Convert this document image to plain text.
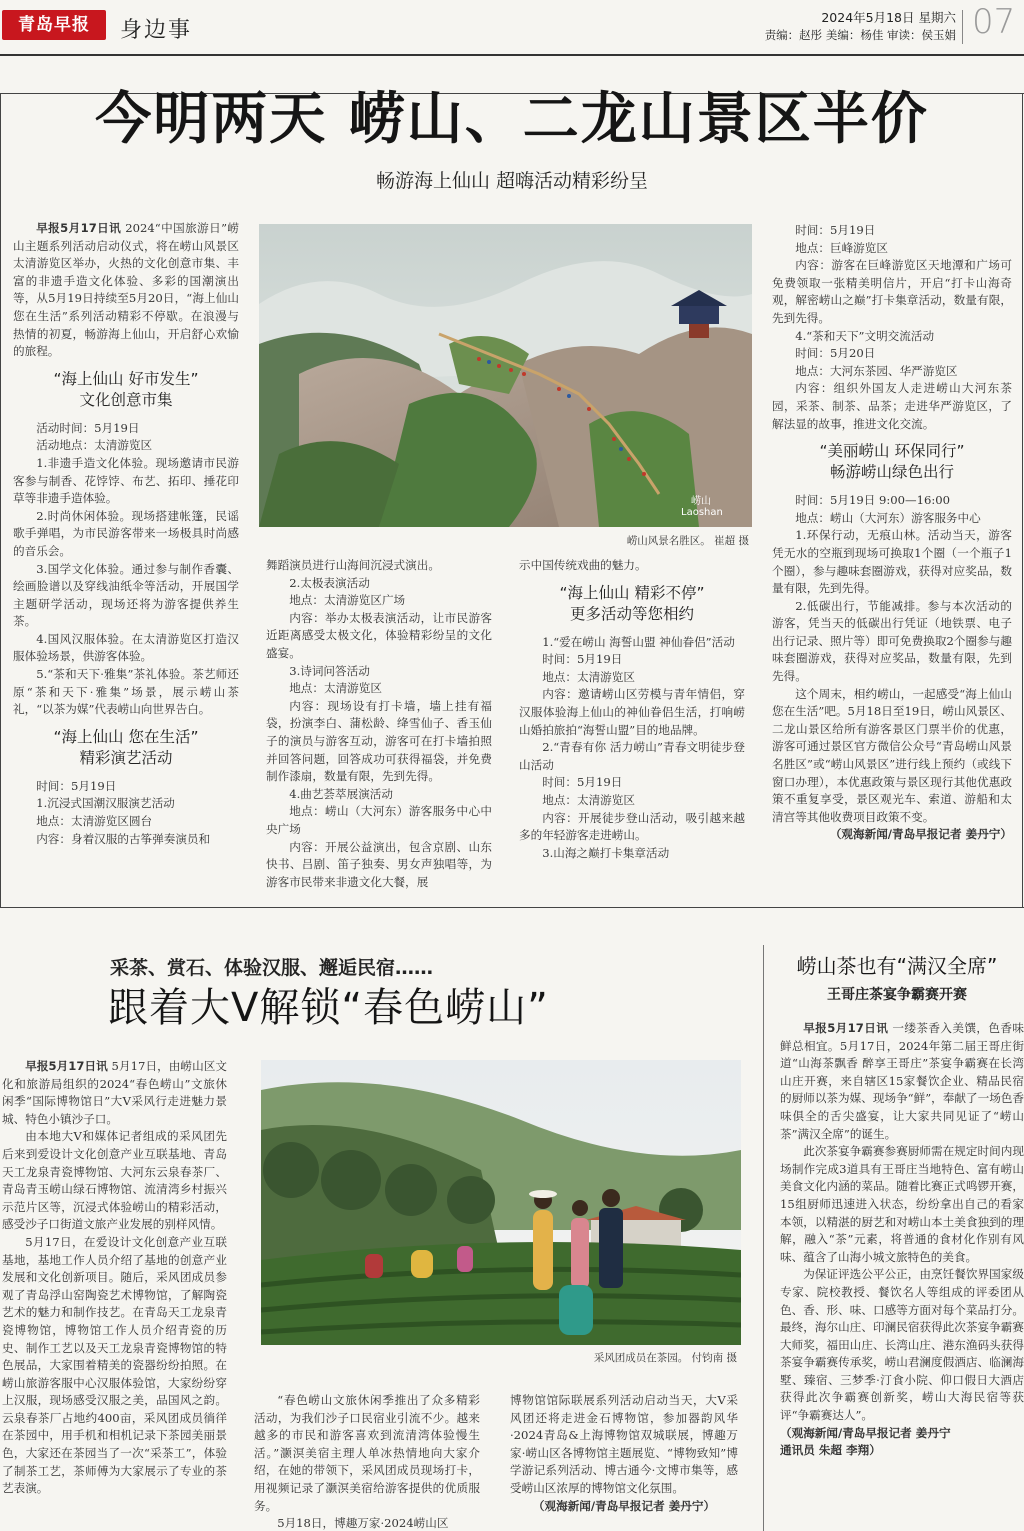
青岛早报	身边事
2024年5月18日 星期六
责编：赵彤 美编：杨佳 审读：侯玉娟 07
今明两天 崂山、二龙山景区半价
畅游海上仙山 超嗨活动精彩纷呈

早报5月17日讯 2024“中国旅游日”崂山主题系列活动启动仪式，将在崂山风景区太清游览区举办，火热的文化创意市集、丰富的非遗手造文化体验、多彩的国潮演出等，从5月19日持续至5月20日，“海上仙山 您在生活”系列活动精彩不停歇。在浪漫与热情的初夏，畅游海上仙山，开启舒心欢愉的旅程。

“海上仙山 好市发生”
文化创意市集

活动时间：5月19日

活动地点：太清游览区

1.非遗手造文化体验。现场邀请市民游客参与制香、花饽饽、布艺、拓印、捶花印草等非遗手造体验。

2.时尚休闲体验。现场搭建帐篷，民谣歌手弹唱，为市民游客带来一场极具时尚感的音乐会。

3.国学文化体验。通过参与制作香囊、绘画脸谱以及穿线油纸伞等活动，开展国学主题研学活动，现场还将为游客提供养生茶。

4.国风汉服体验。在太清游览区打造汉服体验场景，供游客体验。

5.“茶和天下·雅集”茶礼体验。茶艺师还原“茶和天下·雅集”场景，展示崂山茶礼，“以茶为媒”代表崂山向世界告白。

“海上仙山 您在生活”
精彩演艺活动

时间：5月19日

1.沉浸式国潮汉服演艺活动

地点：太清游览区圆台

内容：身着汉服的古筝弹奏演员和

崂山
Laoshan
崂山风景名胜区。 崔超 摄

舞蹈演员进行山海间沉浸式演出。

2.太极表演活动

地点：太清游览区广场

内容：举办太极表演活动，让市民游客近距离感受太极文化，体验精彩纷呈的文化盛宴。

3.诗词问答活动

地点：太清游览区

内容：现场设有打卡墙，墙上挂有福袋，扮演李白、蒲松龄、绛雪仙子、香玉仙子的演员与游客互动，游客可在打卡墙拍照并回答问题，回答成功可获得福袋，并免费制作漆扇，数量有限，先到先得。

4.曲艺荟萃展演活动

地点：崂山（大河东）游客服务中心中央广场

内容：开展公益演出，包含京剧、山东快书、吕剧、笛子独奏、男女声独唱等，为游客市民带来非遗文化大餐，展

示中国传统戏曲的魅力。

“海上仙山 精彩不停”
更多活动等您相约

1.“爱在崂山 海誓山盟 神仙眷侣”活动

时间：5月19日

地点：太清游览区

内容：邀请崂山区劳模与青年情侣，穿汉服体验海上仙山的神仙眷侣生活，打响崂山婚拍旅拍“海誓山盟”目的地品牌。

2.“青春有你 活力崂山”青春文明徒步登山活动

时间：5月19日

地点：太清游览区

内容：开展徒步登山活动，吸引越来越多的年轻游客走进崂山。

3.山海之巅打卡集章活动

时间：5月19日

地点：巨峰游览区

内容：游客在巨峰游览区天地潭和广场可免费领取一张精美明信片，开启“打卡山海奇观，解密崂山之巅”打卡集章活动，数量有限，先到先得。

4.“茶和天下”文明交流活动

时间：5月20日

地点：大河东茶园、华严游览区

内容：组织外国友人走进崂山大河东茶园，采茶、制茶、品茶；走进华严游览区，了解法显的故事，推进文化交流。

“美丽崂山 环保同行”
畅游崂山绿色出行

时间：5月19日 9:00—16:00

地点：崂山（大河东）游客服务中心

1.环保行动，无痕山林。活动当天，游客凭无水的空瓶到现场可换取1个圈（一个瓶子1个圈），参与趣味套圈游戏，获得对应奖品，数量有限，先到先得。

2.低碳出行，节能减排。参与本次活动的游客，凭当天的低碳出行凭证（地铁票、电子出行记录、照片等）即可免费换取2个圈参与趣味套圈游戏，获得对应奖品，数量有限，先到先得。

这个周末，相约崂山，一起感受“海上仙山 您在生活”吧。5月18日至19日，崂山风景区、二龙山景区给所有游客景区门票半价的优惠，游客可通过景区官方微信公众号“青岛崂山风景名胜区”或“崂山风景区”进行线上预约（或线下窗口办理），本优惠政策与景区现行其他优惠政策不重复享受，景区观光车、索道、游船和太清宫等其他收费项目政策不变。

（观海新闻/青岛早报记者 姜丹宁）

采茶、赏石、体验汉服、邂逅民宿……
跟着大V解锁“春色崂山”

早报5月17日讯 5月17日，由崂山区文化和旅游局组织的2024“春色崂山”文旅休闲季“国际博物馆日”大V采风行走进魅力景城、特色小镇沙子口。

由本地大V和媒体记者组成的采风团先后来到爱设计文化创意产业互联基地、青岛天工龙泉青瓷博物馆、大河东云泉春茶厂、青岛青玉崂山绿石博物馆、流清湾乡村振兴示范片区等，沉浸式体验崂山的精彩活动，感受沙子口街道文旅产业发展的别样风情。

5月17日，在爱设计文化创意产业互联基地，基地工作人员介绍了基地的创意产业发展和文化创新项目。随后，采风团成员参观了青岛浮山窑陶瓷艺术博物馆，了解陶瓷艺术的魅力和制作技艺。在青岛天工龙泉青瓷博物馆，博物馆工作人员介绍青瓷的历史、制作工艺以及天工龙泉青瓷博物馆的特色展品，大家围着精美的瓷器纷纷拍照。在崂山旅游客服中心汉服体验馆，大家纷纷穿上汉服，现场感受汉服之美，品国风之韵。云泉春茶厂占地约400亩，采风团成员徜徉在茶园中，用手机和相机记录下茶园美丽景色，大家还在茶园当了一次“采茶工”，体验了制茶工艺，茶师傅为大家展示了专业的茶艺表演。

采风团成员在茶园。 付钧南 摄

“春色崂山文旅休闲季推出了众多精彩活动，为我们沙子口民宿业引流不少。越来越多的市民和游客喜欢到流清湾体验慢生活。”灏溟美宿主理人单冰热情地向大家介绍，在她的带领下，采风团成员现场打卡，用视频记录了灏溟美宿给游客提供的优质服务。

5月18日，博趣万家·2024崂山区

博物馆馆际联展系列活动启动当天，大V采风团还将走进金石博物馆，参加器韵风华·2024青岛&上海博物馆双城联展，博趣万家·崂山区各博物馆主题展览、“博物致知”博学游记系列活动、博古通今·文博市集等，感受崂山区浓厚的博物馆文化氛围。

（观海新闻/青岛早报记者 姜丹宁）

崂山茶也有“满汉全席”
王哥庄茶宴争霸赛开赛

早报5月17日讯 一缕茶香入美馔，色香味鲜总相宜。5月17日，2024年第二届王哥庄街道“山海茶飘香 醉享王哥庄”茶宴争霸赛在长湾山庄开赛，来自辖区15家餐饮企业、精品民宿的厨师以茶为媒、现场争“鲜”，奉献了一场色香味俱全的舌尖盛宴，让大家共同见证了“崂山茶”满汉全席”的诞生。

此次茶宴争霸赛参赛厨师需在规定时间内现场制作完成3道具有王哥庄当地特色、富有崂山美食文化内涵的菜品。随着比赛正式鸣锣开赛，15组厨师迅速进入状态，纷纷拿出自己的看家本领，以精湛的厨艺和对崂山本土美食独到的理解，融入“茶”元素，将普通的食材化作别有风味、蕴含了山海小城文旅特色的美食。

为保证评选公平公正，由烹饪餐饮界国家级专家、院校教授、餐饮名人等组成的评委团从色、香、形、味、口感等方面对每个菜品打分。最终，海尔山庄、印澜民宿获得此次茶宴争霸赛大师奖，福田山庄、长湾山庄、港东渔码头获得茶宴争霸赛传承奖，崂山君澜度假酒店、临澜海墅、臻宿、三梦季·汀食小院、仰口假日大酒店获得此次争霸赛创新奖，崂山大海民宿等获评“争霸赛达人”。

（观海新闻/青岛早报记者 姜丹宁
通讯员 朱超 李翔）
